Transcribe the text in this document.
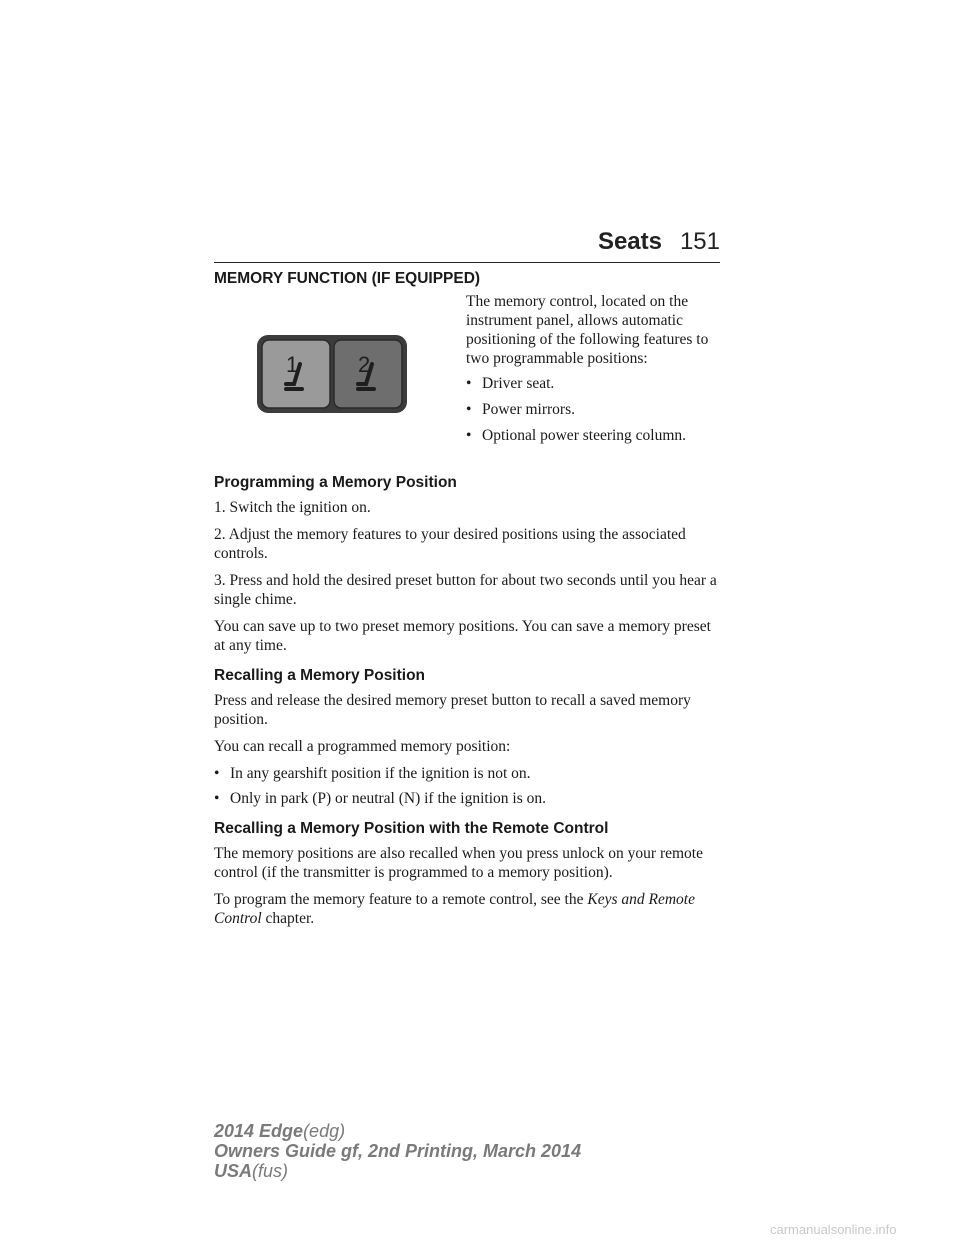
Seats 151
MEMORY FUNCTION (IF EQUIPPED)
1	2

The memory control, located on the instrument panel, allows automatic positioning of the following features to two programmable positions:

• Driver seat.
• Power mirrors.
• Optional power steering column.
Programming a Memory Position

1. Switch the ignition on.

2. Adjust the memory features to your desired positions using the associated controls.

3. Press and hold the desired preset button for about two seconds until you hear a single chime.

You can save up to two preset memory positions. You can save a memory preset at any time.

Recalling a Memory Position

Press and release the desired memory preset button to recall a saved memory position.

You can recall a programmed memory position:

• In any gearshift position if the ignition is not on.
• Only in park (P) or neutral (N) if the ignition is on.
Recalling a Memory Position with the Remote Control

The memory positions are also recalled when you press unlock on your remote control (if the transmitter is programmed to a memory position).

To program the memory feature to a remote control, see the Keys and Remote Control chapter.

2014 Edge(edg)
Owners Guide gf, 2nd Printing, March 2014
USA(fus)
carmanualsonline.info
